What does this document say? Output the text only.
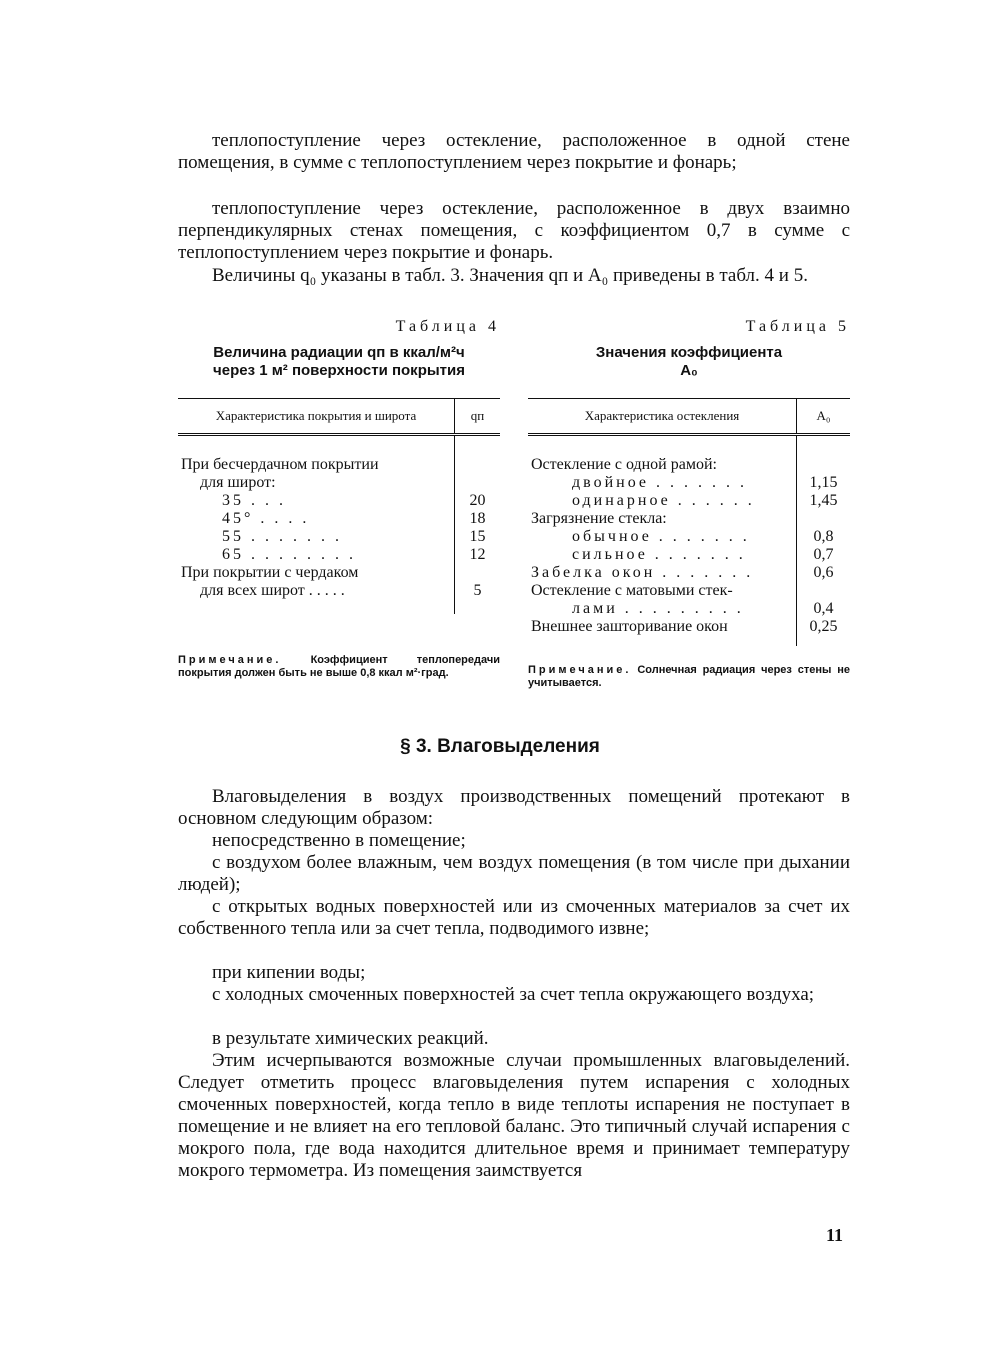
теплопоступление через остекление, расположенное в одной стене помещения, в сумме с теплопоступлением через покрытие и фонарь;

теплопоступление через остекление, расположенное в двух взаимно перпендикулярных стенах помещения, с коэффициентом 0,7 в сумме с теплопоступлением через покрытие и фонарь.

Величины q₀ указаны в табл. 3. Значения qп и A₀ приведены в табл. 4 и 5.

Таблица 4
Величина радиации qп в ккал/м²ч
через 1 м² поверхности покрытия
Характеристика покрытия и широта	qп
При бесчердачном покрытии	
для широт:	
35 . . .	20
45° . . . .	18
55 . . . . . . .	15
65 . . . . . . . .	12
При покрытии с чердаком	
для всех широт . . . . .	5
Примечание.	Коэффициент теплопередачи покрытия должен быть не выше 0,8 ккал м²·град.
Таблица 5
Значения коэффициента
A₀
Характеристика остекления	A₀
Остекление с одной рамой:	
двойное . . . . . . .	1,15
одинарное . . . . . .	1,45
Загрязнение стекла:	
обычное . . . . . . .	0,8
сильное . . . . . . .	0,7
Забелка окон . . . . . . .	0,6
Остекление с матовыми стек-	
лами . . . . . . . . .	0,4
Внешнее зашторивание окон	0,25
Примечание. Солнечная радиация через стены не учитывается.
§ 3. Влаговыделения

Влаговыделения в воздух производственных помещений протекают в основном следующим образом:

непосредственно в помещение;

с воздухом более влажным, чем воздух помещения (в том числе при дыхании людей);

с открытых водных поверхностей или из смоченных материалов за счет их собственного тепла или за счет тепла, подводимого извне;

при кипении воды;

с холодных смоченных поверхностей за счет тепла окружающего воздуха;

в результате химических реакций.

Этим исчерпываются возможные случаи промышленных влаговыделений. Следует отметить процесс влаговыделения путем испарения с холодных смоченных поверхностей, когда тепло в виде теплоты испарения не поступает в помещение и не влияет на его тепловой баланс. Это типичный случай испарения с мокрого пола, где вода находится длительное время и принимает температуру мокрого термометра. Из помещения заимствуется

11
